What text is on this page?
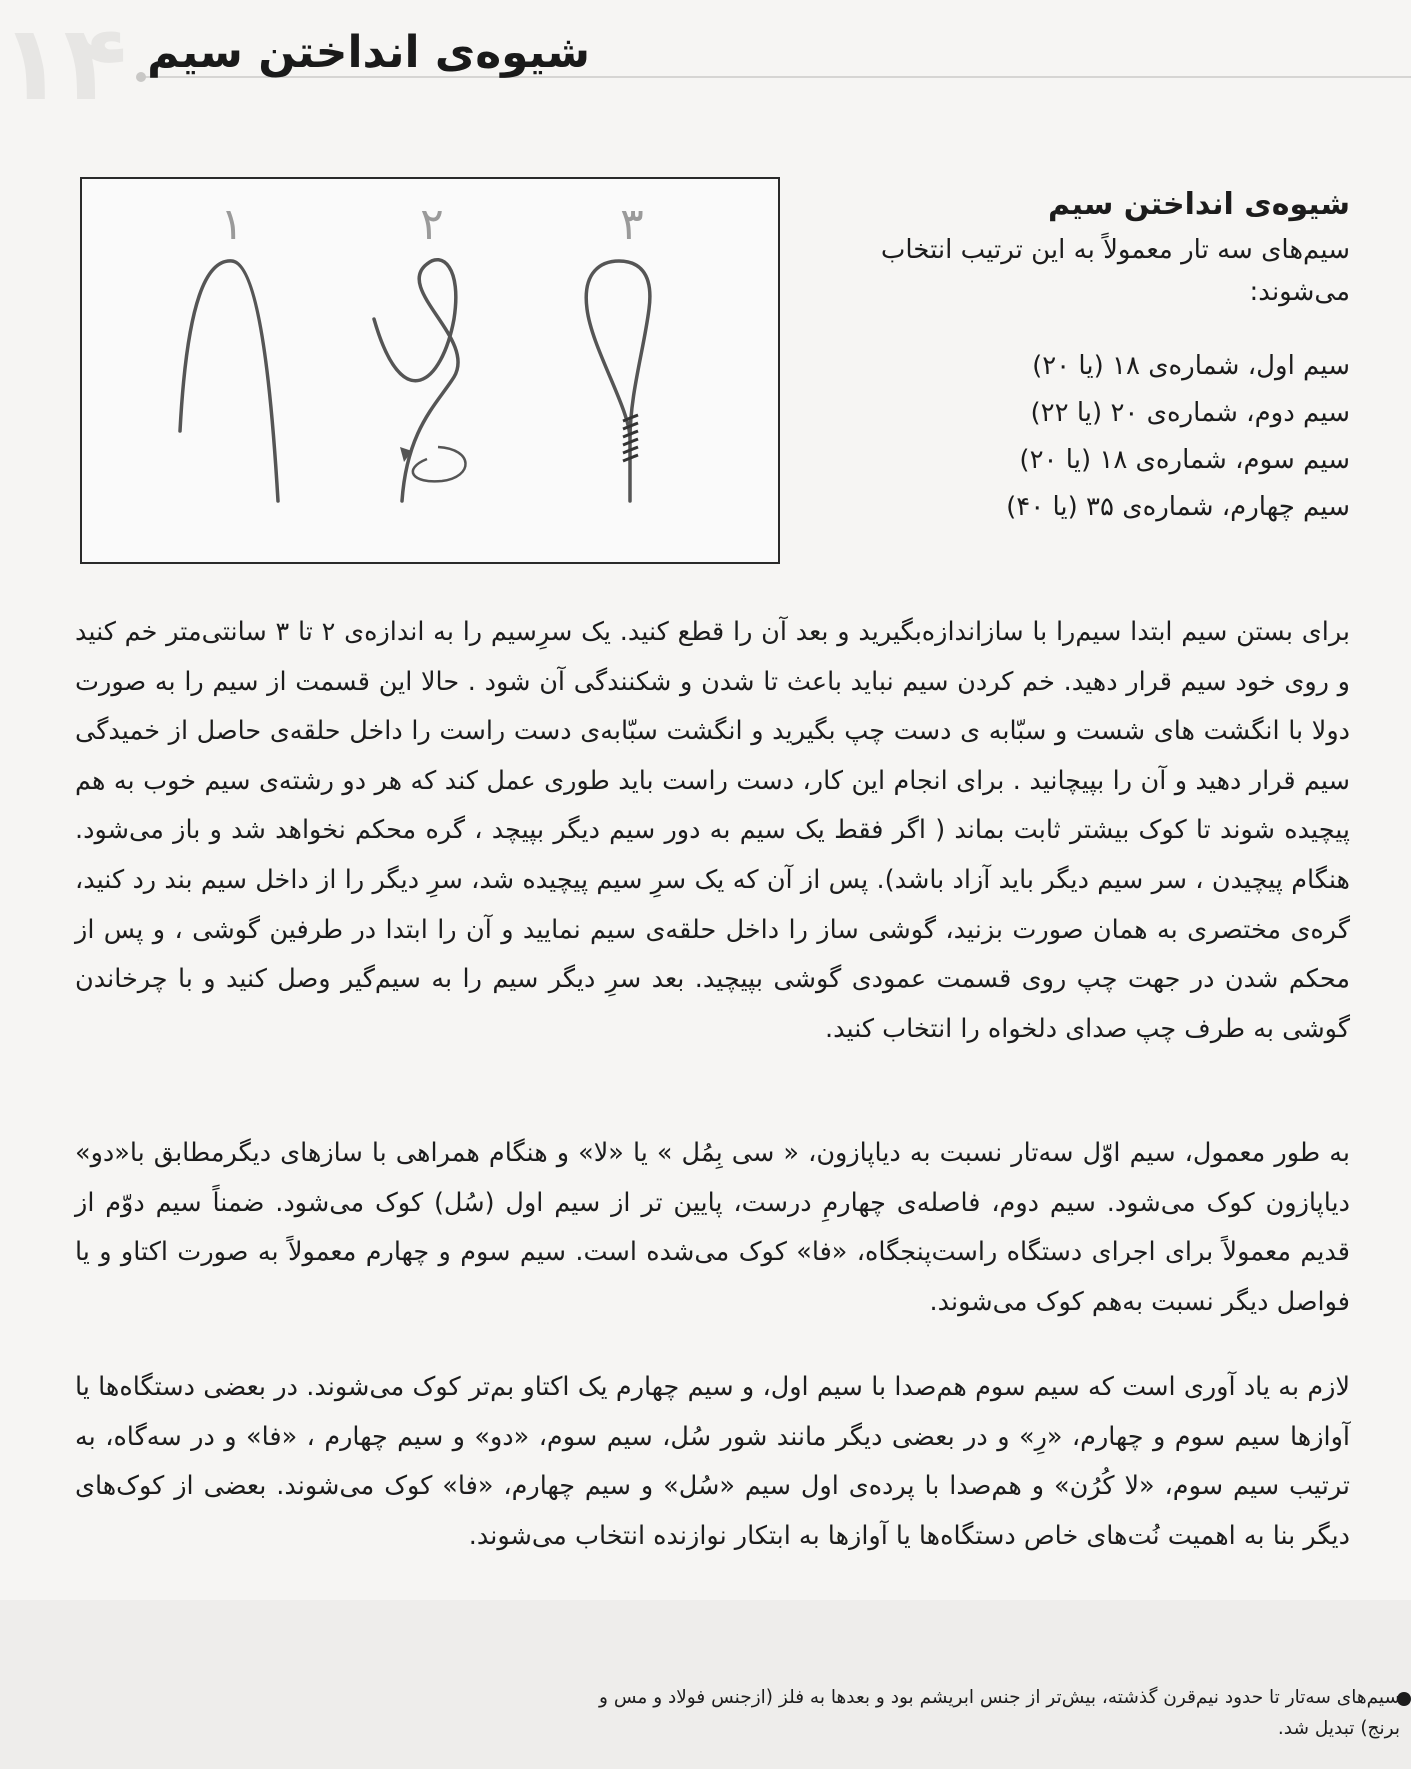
۱۴ شیوه‌ی انداختن سیم
۱	۲	۳	شیوه‌ی انداختن سیم
سیم‌های سه تار معمولاً به این ترتیب انتخاب می‌شوند:
سیم اول، شماره‌ی ۱۸ (یا ۲۰)
سیم دوم، شماره‌ی ۲۰ (یا ۲۲)
سیم سوم، شماره‌ی ۱۸ (یا ۲۰)
سیم چهارم، شماره‌ی ۳۵ (یا ۴۰)

برای بستن سیم ابتدا سیم‌را با سازاندازه‌بگیرید و بعد آن را قطع کنید. یک سرِسیم را به اندازه‌ی ۲ تا ۳ سانتی‌متر خم کنید و روی خود سیم قرار دهید. خم کردن سیم نباید باعث تا شدن و شکنندگی آن شود . حالا این قسمت از سیم را به صورت دولا با انگشت های شست و سبّابه ی دست چپ بگیرید و انگشت سبّابه‌ی دست راست را داخل حلقه‌ی حاصل از خمیدگی سیم قرار دهید و آن را بپیچانید . برای انجام این کار، دست راست باید طوری عمل کند که هر دو رشته‌ی سیم خوب به هم پیچیده شوند تا کوک بیشتر ثابت بماند ( اگر فقط یک سیم به دور سیم دیگر بپیچد ، گره محکم نخواهد شد و باز می‌شود. هنگام پیچیدن ، سر سیم دیگر باید آزاد باشد). پس از آن که یک سرِ سیم پیچیده شد، سرِ دیگر را از داخل سیم بند رد کنید، گره‌ی مختصری به همان صورت بزنید، گوشی ساز را داخل حلقه‌ی سیم نمایید و آن را ابتدا در طرفین گوشی ، و پس از محکم شدن در جهت چپ روی قسمت عمودی گوشی بپیچید. بعد سرِ دیگر سیم را به سیم‌گیر وصل کنید و با چرخاندن گوشی به طرف چپ صدای دلخواه را انتخاب کنید.

به طور معمول، سیم اوّل سه‌تار نسبت به دیاپازون، « سی بِمُل » یا «لا» و هنگام همراهی با سازهای دیگرمطابق با«دو» دیاپازون کوک می‌شود. سیم دوم، فاصله‌ی چهارمِ درست، پایین تر از سیم اول (سُل) کوک می‌شود. ضمناً سیم دوّم از قدیم معمولاً برای اجرای دستگاه راست‌پنجگاه، «فا» کوک می‌شده است. سیم سوم و چهارم معمولاً به صورت اکتاو و یا فواصل دیگر نسبت به‌هم کوک می‌شوند.

لازم به یاد آوری است که سیم سوم هم‌صدا با سیم اول، و سیم چهارم یک اکتاو بم‌تر کوک می‌شوند. در بعضی دستگاه‌ها یا آوازها سیم سوم و چهارم، «رِ» و در بعضی دیگر مانند شور سُل، سیم سوم، «دو» و سیم چهارم ، «فا» و در سه‌گاه، به ترتیب سیم سوم، «لا کُرُن» و هم‌صدا با پرده‌ی اول سیم «سُل» و سیم چهارم، «فا» کوک می‌شوند. بعضی از کوک‌های دیگر بنا به اهمیت نُت‌های خاص دستگاه‌ها یا آوازها به ابتکار نوازنده انتخاب می‌شوند.

سیم‌های سه‌تار تا حدود نیم‌قرن گذشته، بیش‌تر از جنس ابریشم بود و بعدها به فلز (ازجنس فولاد و مس و برنج) تبدیل شد.
